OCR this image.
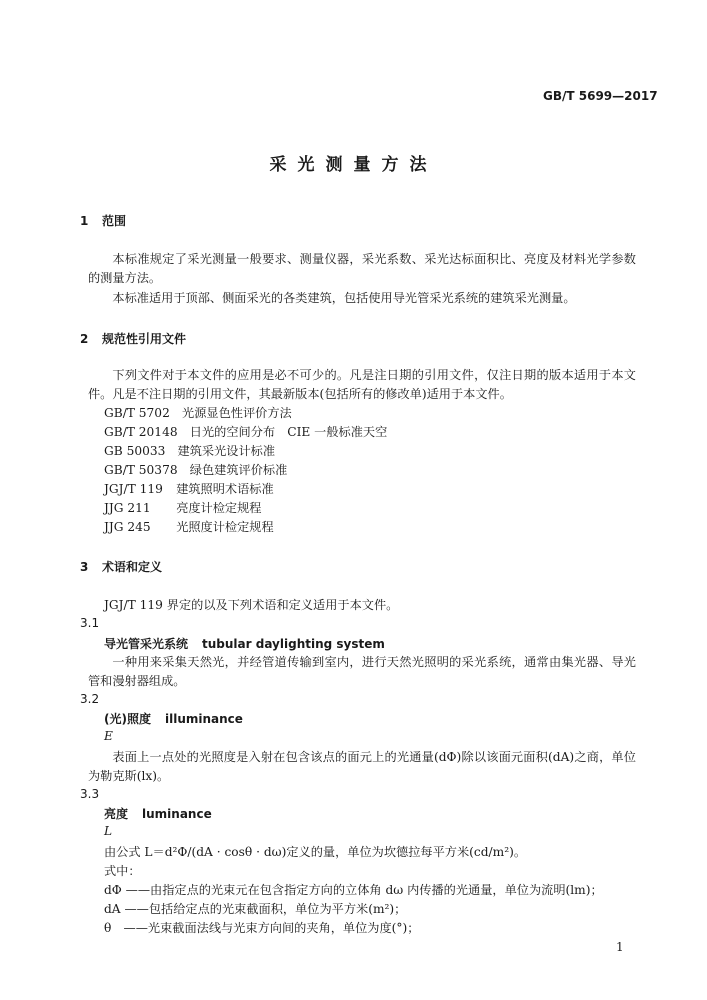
GB/T 5699—2017
采光测量方法
1 范围

本标准规定了采光测量一般要求、测量仪器，采光系数、采光达标面积比、亮度及材料光学参数的测量方法。

本标准适用于顶部、侧面采光的各类建筑，包括使用导光管采光系统的建筑采光测量。

2 规范性引用文件

下列文件对于本文件的应用是必不可少的。凡是注日期的引用文件，仅注日期的版本适用于本文件。凡是不注日期的引用文件，其最新版本(包括所有的修改单)适用于本文件。

GB/T 5702　 光源显色性评价方法
GB/T 20148　 日光的空间分布　CIE 一般标准天空
GB 50033　 建筑采光设计标准
GB/T 50378　 绿色建筑评价标准
JGJ/T 119　 建筑照明术语标准
JJG 211　 亮度计检定规程
JJG 245　 光照度计检定规程
3 术语和定义
JGJ/T 119 界定的以及下列术语和定义适用于本文件。
3.1
导光管采光系统 tubular daylighting system

一种用来采集天然光，并经管道传输到室内，进行天然光照明的采光系统，通常由集光器、导光管和漫射器组成。

3.2
(光)照度 illuminance
E

表面上一点处的光照度是入射在包含该点的面元上的光通量(dΦ)除以该面元面积(dA)之商，单位为勒克斯(lx)。

3.3
亮度 luminance
L
由公式 L＝d²Φ/(dA · cosθ · dω)定义的量，单位为坎德拉每平方米(cd/m²)。
式中：
dΦ ——由指定点的光束元在包含指定方向的立体角 dω 内传播的光通量，单位为流明(lm)；
dA ——包括给定点的光束截面积，单位为平方米(m²)；
θ　——光束截面法线与光束方向间的夹角，单位为度(°)；
1
